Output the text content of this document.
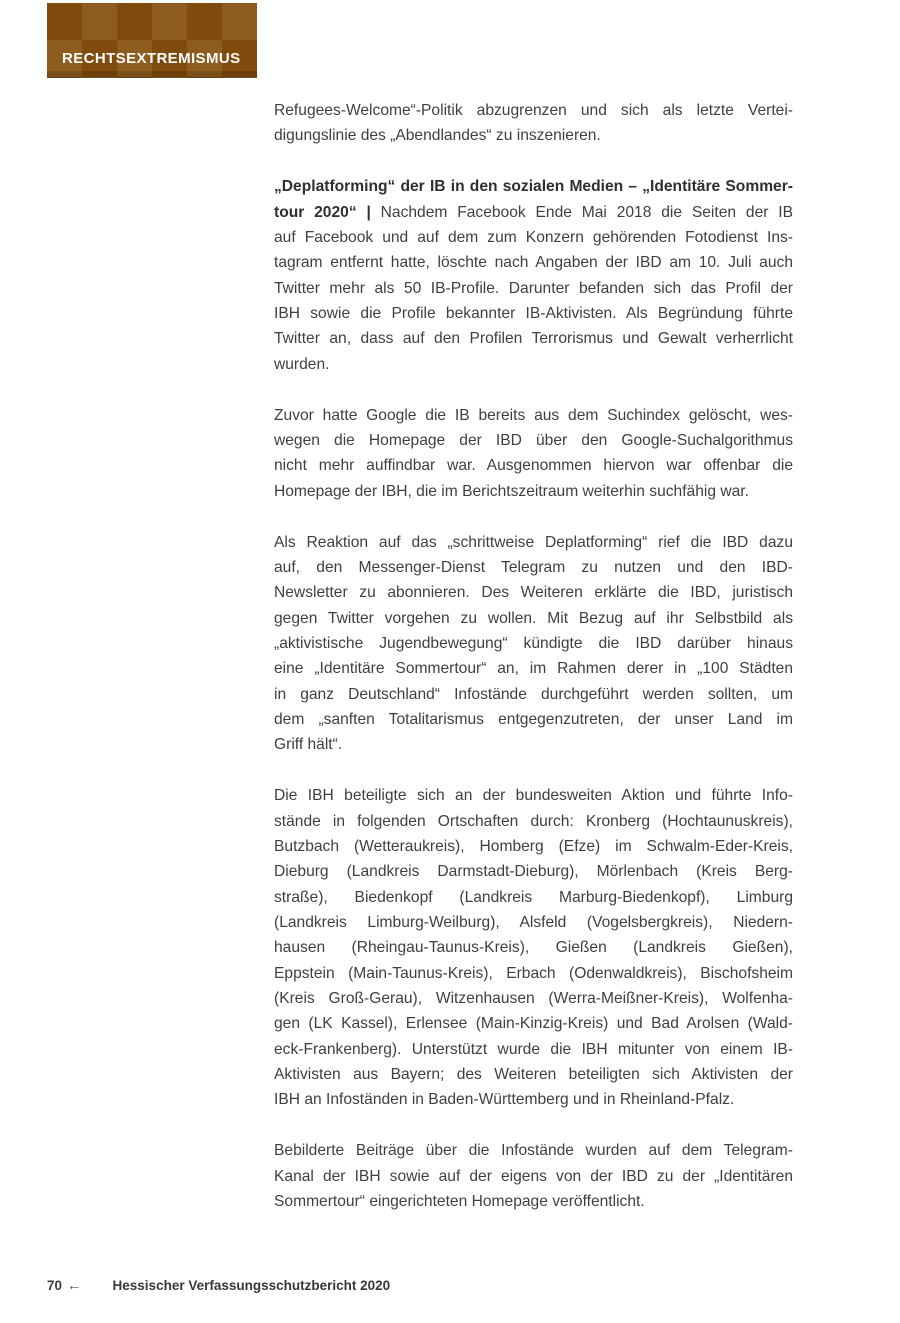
RECHTSEXTREMISMUS
Refugees-Welcome“-Politik abzugrenzen und sich als letzte Vertei-
digungslinie des „Abendlandes“ zu inszenieren.
„Deplatforming“ der IB in den sozialen Medien – „Identitäre Sommer-
tour 2020“ | Nachdem Facebook Ende Mai 2018 die Seiten der IB
auf Facebook und auf dem zum Konzern gehörenden Fotodienst Ins-
tagram entfernt hatte, löschte nach Angaben der IBD am 10. Juli auch
Twitter mehr als 50 IB-Profile. Darunter befanden sich das Profil der
IBH sowie die Profile bekannter IB-Aktivisten. Als Begründung führte
Twitter an, dass auf den Profilen Terrorismus und Gewalt verherrlicht
wurden.
Zuvor hatte Google die IB bereits aus dem Suchindex gelöscht, wes-
wegen die Homepage der IBD über den Google-Suchalgorithmus
nicht mehr auffindbar war. Ausgenommen hiervon war offenbar die
Homepage der IBH, die im Berichtszeitraum weiterhin suchfähig war.
Als Reaktion auf das „schrittweise Deplatforming“ rief die IBD dazu
auf, den Messenger-Dienst Telegram zu nutzen und den IBD-
Newsletter zu abonnieren. Des Weiteren erklärte die IBD, juristisch
gegen Twitter vorgehen zu wollen. Mit Bezug auf ihr Selbstbild als
„aktivistische Jugendbewegung“ kündigte die IBD darüber hinaus
eine „Identitäre Sommertour“ an, im Rahmen derer in „100 Städten
in ganz Deutschland“ Infostände durchgeführt werden sollten, um
dem „sanften Totalitarismus entgegenzutreten, der unser Land im
Griff hält“.
Die IBH beteiligte sich an der bundesweiten Aktion und führte Info-
stände in folgenden Ortschaften durch: Kronberg (Hochtaunuskreis),
Butzbach (Wetteraukreis), Homberg (Efze) im Schwalm-Eder-Kreis,
Dieburg (Landkreis Darmstadt-Dieburg), Mörlenbach (Kreis Berg-
straße), Biedenkopf (Landkreis Marburg-Biedenkopf), Limburg
(Landkreis Limburg-Weilburg), Alsfeld (Vogelsbergkreis), Niedern-
hausen (Rheingau-Taunus-Kreis), Gießen (Landkreis Gießen),
Eppstein (Main-Taunus-Kreis), Erbach (Odenwaldkreis), Bischofsheim
(Kreis Groß-Gerau), Witzenhausen (Werra-Meißner-Kreis), Wolfenha-
gen (LK Kassel), Erlensee (Main-Kinzig-Kreis) und Bad Arolsen (Wald-
eck-Frankenberg). Unterstützt wurde die IBH mitunter von einem IB-
Aktivisten aus Bayern; des Weiteren beteiligten sich Aktivisten der
IBH an Infoständen in Baden-Württemberg und in Rheinland-Pfalz.
Bebilderte Beiträge über die Infostände wurden auf dem Telegram-
Kanal der IBH sowie auf der eigens von der IBD zu der „Identitären
Sommertour“ eingerichteten Homepage veröffentlicht.
70 ← Hessischer Verfassungsschutzbericht 2020
